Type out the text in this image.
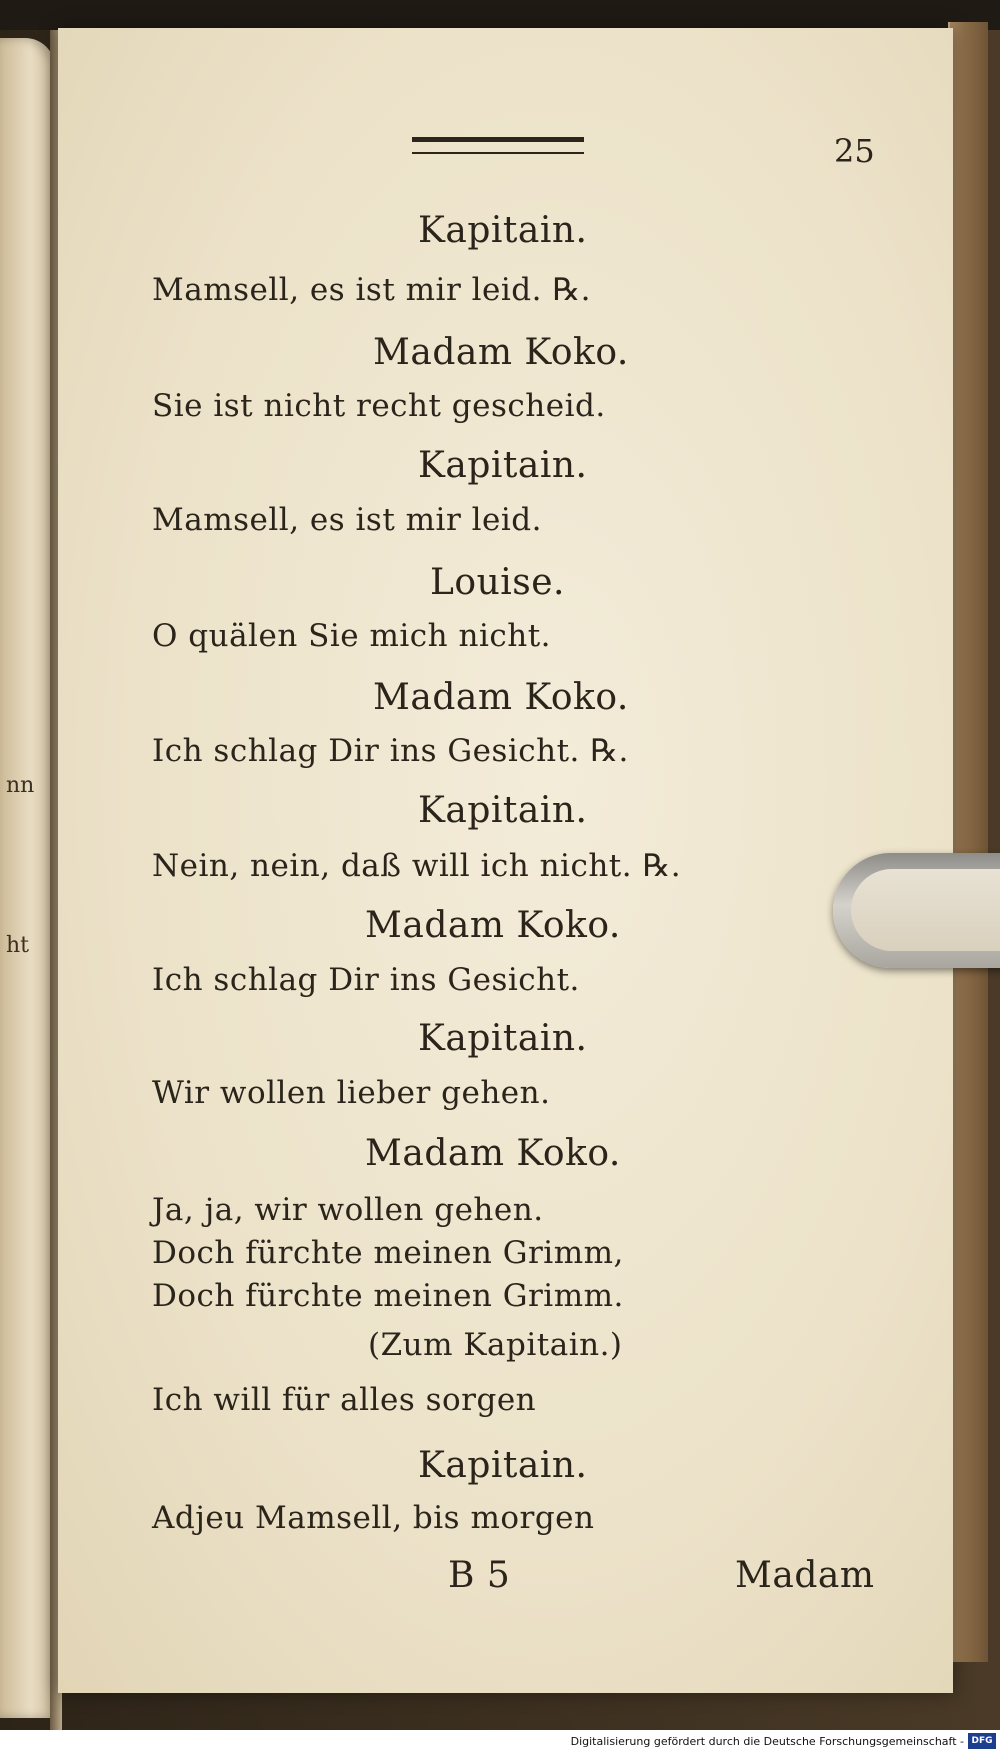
nn
ht
25
Kapitain.
Mamsell, es ist mir leid. ℞.
Madam Koko.
Sie ist nicht recht gescheid.
Kapitain.
Mamsell, es ist mir leid.
Louise.
O quälen Sie mich nicht.
Madam Koko.
Ich schlag Dir ins Gesicht. ℞.
Kapitain.
Nein, nein, daß will ich nicht. ℞.
Madam Koko.
Ich schlag Dir ins Gesicht.
Kapitain.
Wir wollen lieber gehen.
Madam Koko.
Ja, ja, wir wollen gehen.
Doch fürchte meinen Grimm,
Doch fürchte meinen Grimm.
(Zum Kapitain.)
Ich will für alles sorgen
Kapitain.
Adjeu Mamsell, bis morgen
B 5	Madam
Digitalisierung gefördert durch die Deutsche Forschungsgemeinschaft - DFG
